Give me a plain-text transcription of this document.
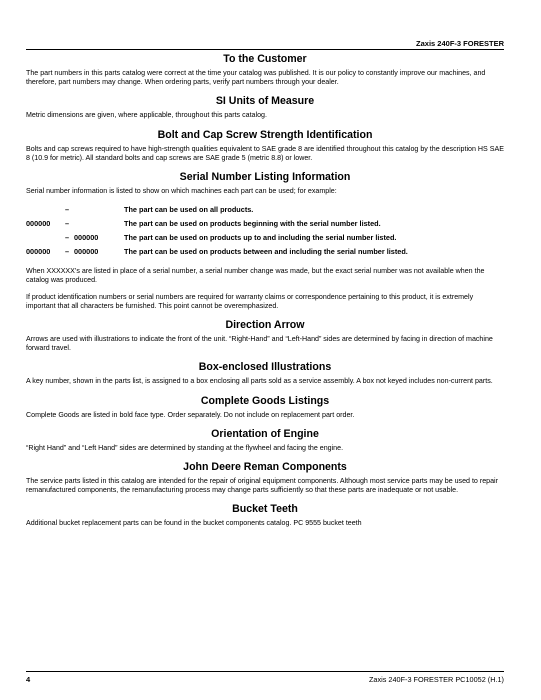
Zaxis 240F-3 FORESTER
To the Customer

The part numbers in this parts catalog were correct at the time your catalog was published. It is our policy to constantly improve our machines, and therefore, part numbers may change. When ordering parts, verify part numbers through your dealer.

SI Units of Measure

Metric dimensions are given, where applicable, throughout this parts catalog.

Bolt and Cap Screw Strength Identification

Bolts and cap screws required to have high-strength qualities equivalent to SAE grade 8 are identified throughout this catalog by the description HS SAE 8 (10.9 for metric). All standard bolts and cap screws are SAE grade 5 (metric 8.8) or lower.

Serial Number Listing Information

Serial number information is listed to show on which machines each part can be used; for example:

	–		The part can be used on all products.
000000	–		The part can be used on products beginning with the serial number listed.
	–	000000	The part can be used on products up to and including the serial number listed.
000000	–	000000	The part can be used on products between and including the serial number listed.

When XXXXXX’s are listed in place of a serial number, a serial number change was made, but the exact serial number was not available when the catalog was produced.

If product identification numbers or serial numbers are required for warranty claims or correspondence pertaining to this product, it is extremely important that all characters be furnished. This point cannot be overemphasized.

Direction Arrow

Arrows are used with illustrations to indicate the front of the unit. “Right-Hand” and “Left-Hand” sides are determined by facing in direction of machine forward travel.

Box-enclosed Illustrations

A key number, shown in the parts list, is assigned to a box enclosing all parts sold as a service assembly. A box not keyed includes non-current parts.

Complete Goods Listings

Complete Goods are listed in bold face type. Order separately. Do not include on replacement part order.

Orientation of Engine

“Right Hand” and “Left Hand” sides are determined by standing at the flywheel and facing the engine.

John Deere Reman Components

The service parts listed in this catalog are intended for the repair of original equipment components. Although most service parts may be used to repair remanufactured components, the remanufacturing process may change parts sufficiently so that these parts are inadequate or not usable.

Bucket Teeth

Additional bucket replacement parts can be found in the bucket components catalog. PC 9555 bucket teeth

4	Zaxis 240F-3 FORESTER PC10052 (H.1)
